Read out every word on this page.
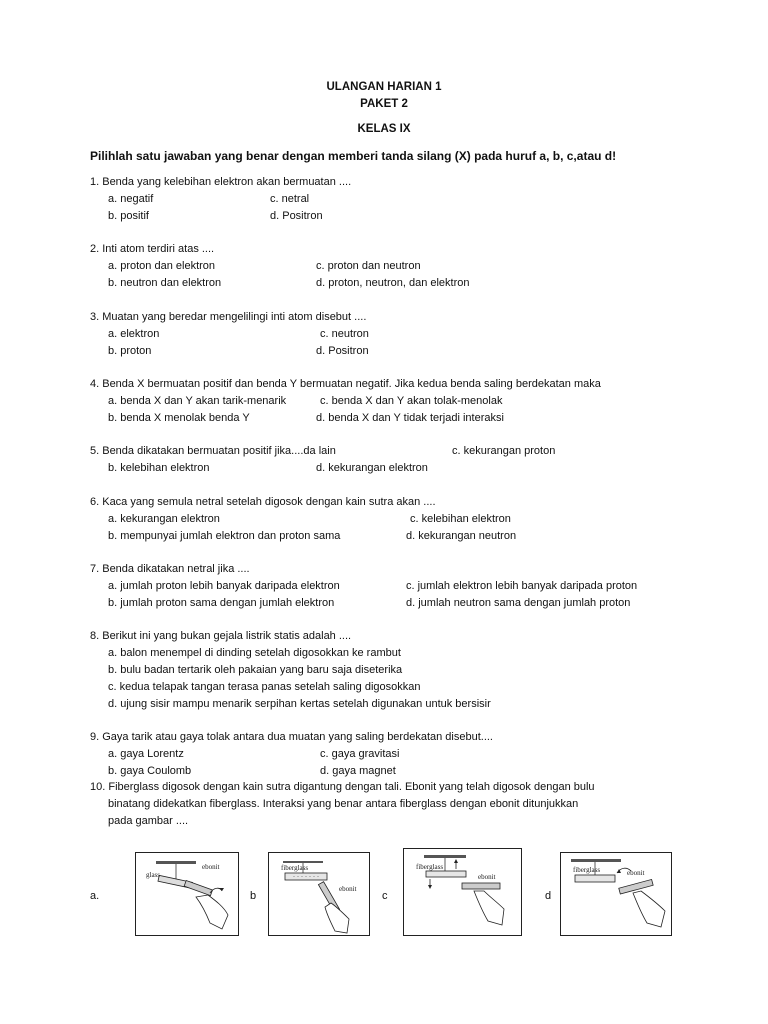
ULANGAN HARIAN 1
PAKET 2
KELAS IX
Pilihlah satu jawaban yang benar dengan memberi tanda silang (X) pada huruf a, b, c,atau d!
1. Benda yang kelebihan elektron akan bermuatan ....
a. negatif	c. netral
b. positif	d. Positron
2. Inti atom terdiri atas ....
a. proton dan elektron	c. proton dan neutron
b. neutron dan elektron	d. proton, neutron, dan elektron
3. Muatan yang beredar mengelilingi inti atom disebut ....
a. elektron	c. neutron
b. proton	d. Positron
4. Benda X bermuatan positif dan benda Y bermuatan negatif. Jika kedua benda saling berdekatan maka
a. benda X dan Y akan tarik-menarik	c. benda X dan Y akan tolak-menolak
b. benda X menolak benda Y	d. benda X dan Y tidak terjadi interaksi
5. Benda dikatakan bermuatan positif jika....da lain	c. kekurangan proton
b. kelebihan elektron	d. kekurangan elektron
6. Kaca yang semula netral setelah digosok dengan kain sutra akan ....
a. kekurangan elektron	c. kelebihan elektron
b. mempunyai jumlah elektron dan proton sama	d. kekurangan neutron
7. Benda dikatakan netral jika ....
a. jumlah proton lebih banyak daripada elektron	c. jumlah elektron lebih banyak daripada proton
b. jumlah proton sama dengan jumlah elektron	d. jumlah neutron sama dengan jumlah proton
8. Berikut ini yang bukan gejala listrik statis adalah ....
a. balon menempel di dinding setelah digosokkan ke rambut
b. bulu badan tertarik oleh pakaian yang baru saja diseterika
c. kedua telapak tangan terasa panas setelah saling digosokkan
d. ujung sisir mampu menarik serpihan kertas setelah digunakan untuk bersisir
9. Gaya tarik atau gaya tolak antara dua muatan yang saling berdekatan disebut....
a. gaya Lorentz	c. gaya gravitasi
b. gaya Coulomb	d. gaya magnet
10. Fiberglass digosok dengan kain sutra digantung dengan tali. Ebonit yang telah digosok dengan bulu
binatang didekatkan fiberglass. Interaksi yang benar antara fiberglass dengan ebonit ditunjukkan
pada gambar ....
a.
glass
ebonit
b
fiberglass
ebonit
c
fiberglass
ebonit
d
fiberglass	ebonit
